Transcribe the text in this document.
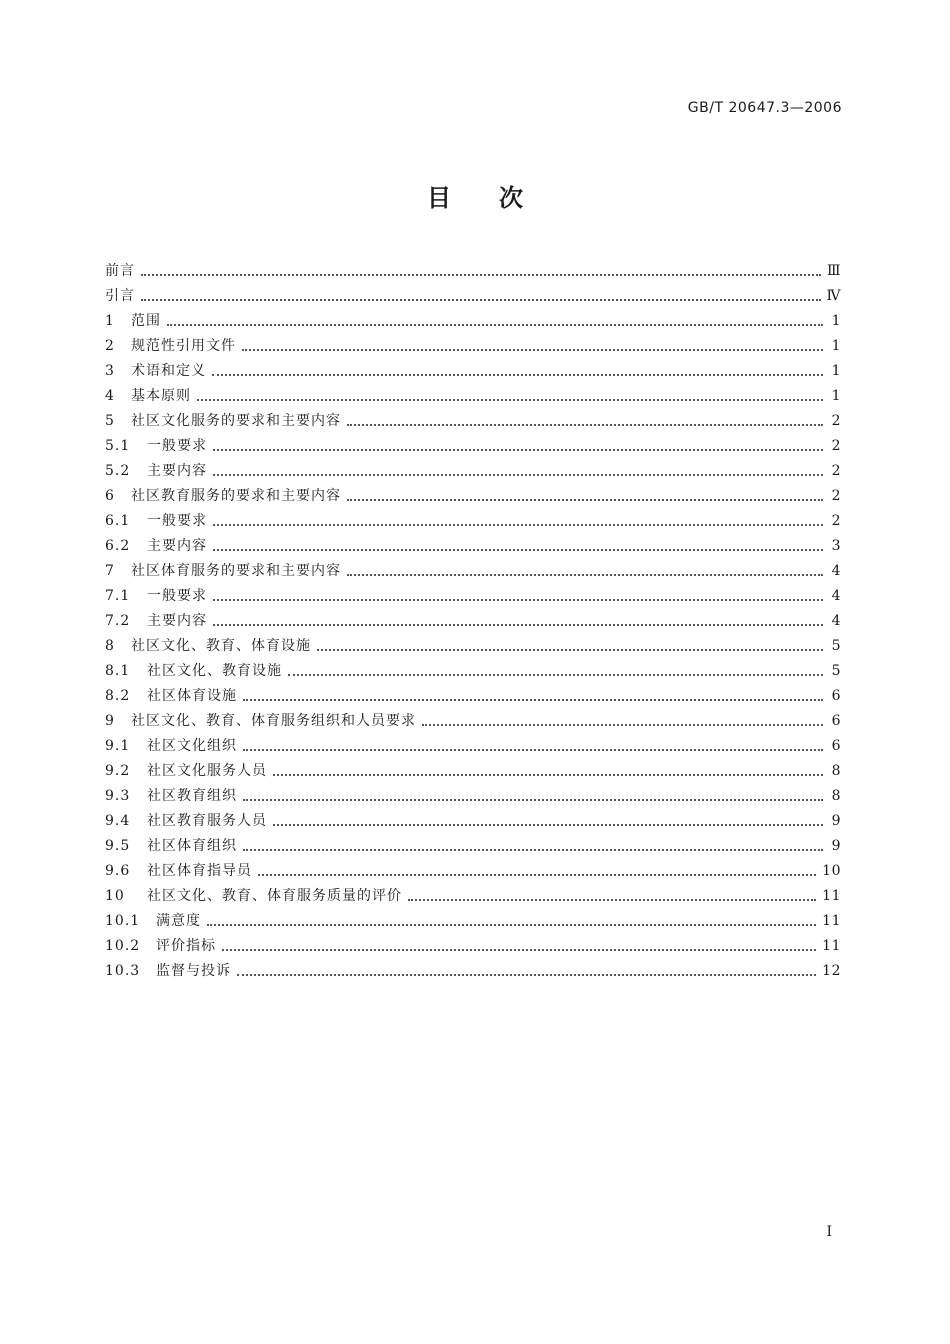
GB/T 20647.3—2006
目　　次
前言	Ⅲ
引言	Ⅳ
1 范围	1
2 规范性引用文件	1
3 术语和定义	1
4 基本原则	1
5 社区文化服务的要求和主要内容	2
5.1 一般要求	2
5.2 主要内容	2
6 社区教育服务的要求和主要内容	2
6.1 一般要求	2
6.2 主要内容	3
7 社区体育服务的要求和主要内容	4
7.1 一般要求	4
7.2 主要内容	4
8 社区文化、教育、体育设施	5
8.1 社区文化、教育设施	5
8.2 社区体育设施	6
9 社区文化、教育、体育服务组织和人员要求	6
9.1 社区文化组织	6
9.2 社区文化服务人员	8
9.3 社区教育组织	8
9.4 社区教育服务人员	9
9.5 社区体育组织	9
9.6 社区体育指导员	10
10 社区文化、教育、体育服务质量的评价	11
10.1 满意度	11
10.2 评价指标	11
10.3 监督与投诉	12
I
